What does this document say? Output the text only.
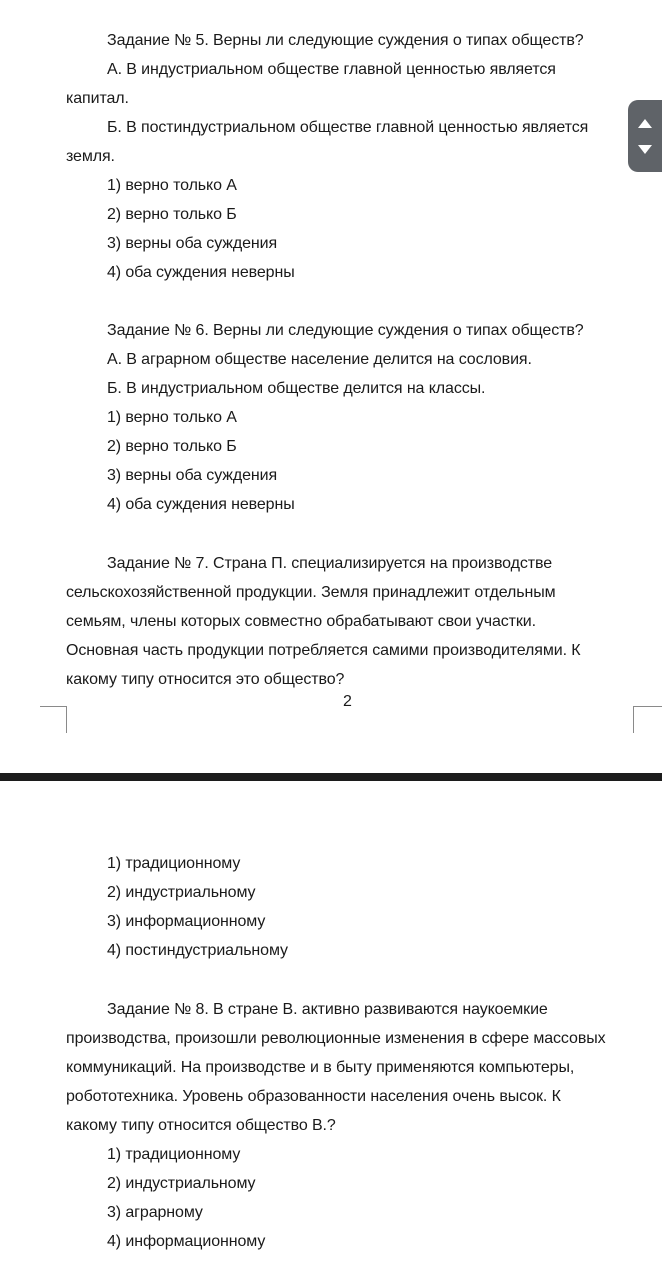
Задание № 5. Верны ли следующие суждения о типах обществ?
А. В индустриальном обществе главной ценностью является
капитал.
Б. В постиндустриальном обществе главной ценностью является
земля.
1) верно только А
2) верно только Б
3) верны оба суждения
4) оба суждения неверны
Задание № 6. Верны ли следующие суждения о типах обществ?
А. В аграрном обществе население делится на сословия.
Б. В индустриальном обществе делится на классы.
1) верно только А
2) верно только Б
3) верны оба суждения
4) оба суждения неверны
Задание № 7. Страна П. специализируется на производстве
сельскохозяйственной продукции. Земля принадлежит отдельным
семьям, члены которых совместно обрабатывают свои участки.
Основная часть продукции потребляется самими производителями. К
какому типу относится это общество?
2
1) традиционному
2) индустриальному
3) информационному
4) постиндустриальному
Задание № 8. В стране В. активно развиваются наукоемкие
производства, произошли революционные изменения в сфере массовых
коммуникаций. На производстве и в быту применяются компьютеры,
робототехника. Уровень образованности населения очень высок. К
какому типу относится общество В.?
1) традиционному
2) индустриальному
3) аграрному
4) информационному
